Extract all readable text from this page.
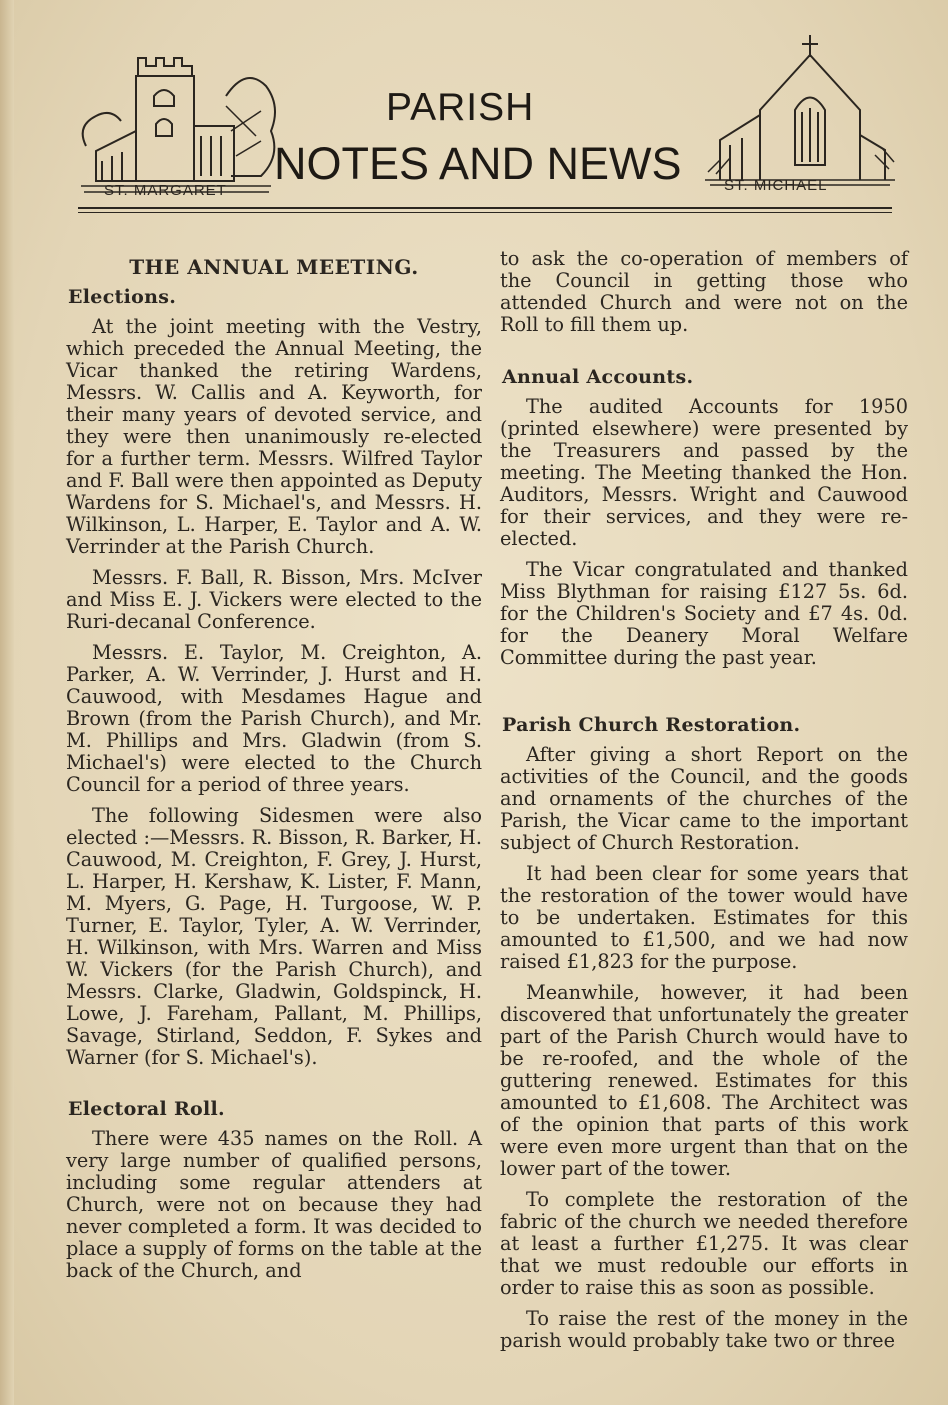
ST. MARGARET
PARISH
NOTES AND NEWS	ST. MICHAEL
THE ANNUAL MEETING.
Elections.

At the joint meeting with the Vestry, which preceded the Annual Meeting, the Vicar thanked the retiring Wardens, Messrs. W. Callis and A. Keyworth, for their many years of devoted service, and they were then unanimously re-elected for a further term. Messrs. Wilfred Taylor and F. Ball were then appointed as Deputy Wardens for S. Michael's, and Messrs. H. Wilkinson, L. Harper, E. Taylor and A. W. Verrinder at the Parish Church.

Messrs. F. Ball, R. Bisson, Mrs. McIver and Miss E. J. Vickers were elected to the Ruri-decanal Conference.

Messrs. E. Taylor, M. Creighton, A. Parker, A. W. Verrinder, J. Hurst and H. Cauwood, with Mesdames Hague and Brown (from the Parish Church), and Mr. M. Phillips and Mrs. Gladwin (from S. Michael's) were elected to the Church Council for a period of three years.

The following Sidesmen were also elected :—Messrs. R. Bisson, R. Barker, H. Cauwood, M. Creighton, F. Grey, J. Hurst, L. Harper, H. Kershaw, K. Lister, F. Mann, M. Myers, G. Page, H. Turgoose, W. P. Turner, E. Taylor, Tyler, A. W. Verrinder, H. Wilkinson, with Mrs. Warren and Miss W. Vickers (for the Parish Church), and Messrs. Clarke, Gladwin, Goldspinck, H. Lowe, J. Fareham, Pallant, M. Phillips, Savage, Stirland, Seddon, F. Sykes and Warner (for S. Michael's).

Electoral Roll.

There were 435 names on the Roll. A very large number of qualified persons, including some regular attenders at Church, were not on because they had never completed a form. It was decided to place a supply of forms on the table at the back of the Church, and

to ask the co-operation of members of the Council in getting those who attended Church and were not on the Roll to fill them up.

Annual Accounts.

The audited Accounts for 1950 (printed elsewhere) were presented by the Treasurers and passed by the meeting. The Meeting thanked the Hon. Auditors, Messrs. Wright and Cauwood for their services, and they were re-elected.

The Vicar congratulated and thanked Miss Blythman for raising £127 5s. 6d. for the Children's Society and £7 4s. 0d. for the Deanery Moral Welfare Committee during the past year.

Parish Church Restoration.

After giving a short Report on the activities of the Council, and the goods and ornaments of the churches of the Parish, the Vicar came to the important subject of Church Restoration.

It had been clear for some years that the restoration of the tower would have to be undertaken. Estimates for this amounted to £1,500, and we had now raised £1,823 for the purpose.

Meanwhile, however, it had been discovered that unfortunately the greater part of the Parish Church would have to be re-roofed, and the whole of the guttering renewed. Estimates for this amounted to £1,608. The Architect was of the opinion that parts of this work were even more urgent than that on the lower part of the tower.

To complete the restoration of the fabric of the church we needed therefore at least a further £1,275. It was clear that we must redouble our efforts in order to raise this as soon as possible.

To raise the rest of the money in the parish would probably take two or three
